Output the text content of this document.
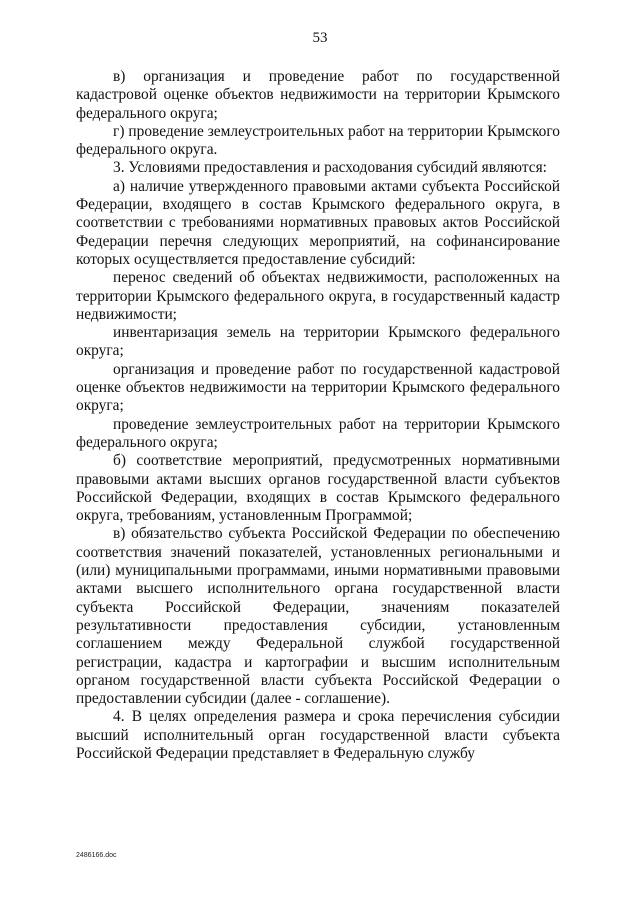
53

в) организация и проведение работ по государственной кадастровой оценке объектов недвижимости на территории Крымского федерального округа;

г) проведение землеустроительных работ на территории Крымского федерального округа.

3. Условиями предоставления и расходования субсидий являются:

а) наличие утвержденного правовыми актами субъекта Российской Федерации, входящего в состав Крымского федерального округа, в соответствии с требованиями нормативных правовых актов Российской Федерации перечня следующих мероприятий, на софинансирование которых осуществляется предоставление субсидий:

перенос сведений об объектах недвижимости, расположенных на территории Крымского федерального округа, в государственный кадастр недвижимости;

инвентаризация земель на территории Крымского федерального округа;

организация и проведение работ по государственной кадастровой оценке объектов недвижимости на территории Крымского федерального округа;

проведение землеустроительных работ на территории Крымского федерального округа;

б) соответствие мероприятий, предусмотренных нормативными правовыми актами высших органов государственной власти субъектов Российской Федерации, входящих в состав Крымского федерального округа, требованиям, установленным Программой;

в) обязательство субъекта Российской Федерации по обеспечению соответствия значений показателей, установленных региональными и (или) муниципальными программами, иными нормативными правовыми актами высшего исполнительного органа государственной власти субъекта Российской Федерации, значениям показателей результативности предоставления субсидии, установленным соглашением между Федеральной службой государственной регистрации, кадастра и картографии и высшим исполнительным органом государственной власти субъекта Российской Федерации о предоставлении субсидии (далее - соглашение).

4. В целях определения размера и срока перечисления субсидии высший исполнительный орган государственной власти субъекта Российской Федерации представляет в Федеральную службу

2486166.doc
